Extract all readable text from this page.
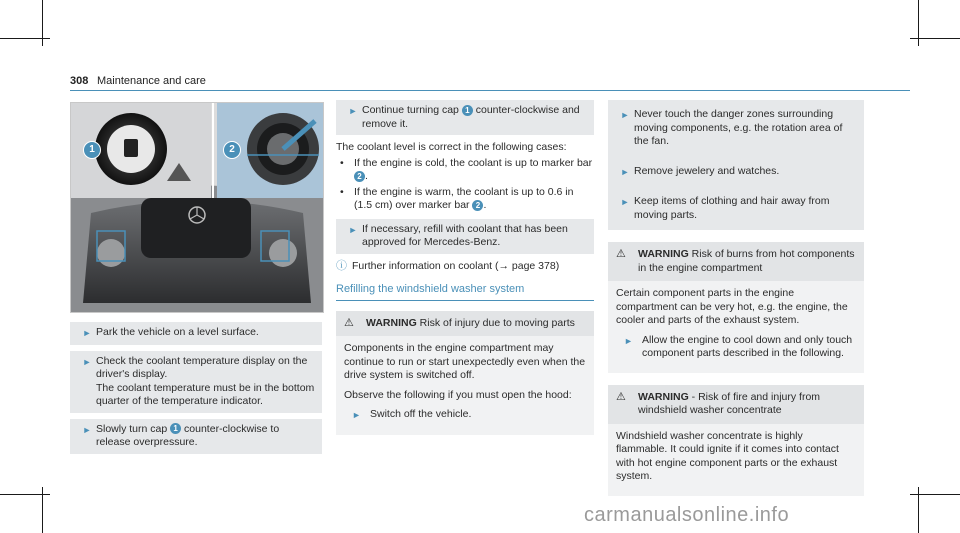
308 Maintenance and care
1	2
► Park the vehicle on a level surface.
► Check the coolant temperature display on the driver's display.
The coolant temperature must be in the bottom quarter of the temperature indicator.
► Slowly turn cap 1 counter-clockwise to release overpressure.
► Continue turning cap 1 counter-clockwise and remove it.

The coolant level is correct in the following cases:

• If the engine is cold, the coolant is up to marker bar 2 .
• If the engine is warm, the coolant is up to 0.6 in (1.5 cm) over marker bar 2 .
► If necessary, refill with coolant that has been approved for Mercedes-Benz.
ⓘ Further information on coolant (→ page 378)
Refilling the windshield washer system
⚠	WARNING Risk of injury due to moving parts

Components in the engine compartment may continue to run or start unexpectedly even when the drive system is switched off.

Observe the following if you must open the hood:

► Switch off the vehicle.
► Never touch the danger zones surrounding moving components, e.g. the rotation area of the fan.
► Remove jewelery and watches.
► Keep items of clothing and hair away from moving parts.
⚠	WARNING Risk of burns from hot components in the engine compartment

Certain component parts in the engine compartment can be very hot, e.g. the engine, the cooler and parts of the exhaust system.

► Allow the engine to cool down and only touch component parts described in the following.
⚠	WARNING - Risk of fire and injury from windshield washer concentrate

Windshield washer concentrate is highly flammable. It could ignite if it comes into contact with hot engine component parts or the exhaust system.

carmanualsonline.info
